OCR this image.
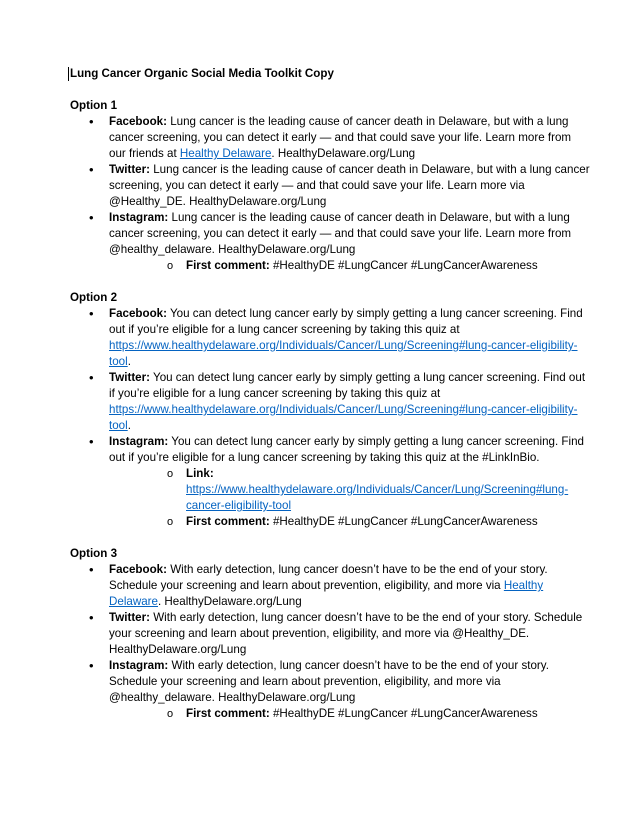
Lung Cancer Organic Social Media Toolkit Copy

Option 1

• Facebook: Lung cancer is the leading cause of cancer death in Delaware, but with a lung cancer screening, you can detect it early — and that could save your life. Learn more from our friends at Healthy Delaware. HealthyDelaware.org/Lung
• Twitter: Lung cancer is the leading cause of cancer death in Delaware, but with a lung cancer screening, you can detect it early — and that could save your life. Learn more via @Healthy_DE. HealthyDelaware.org/Lung
• Instagram: Lung cancer is the leading cause of cancer death in Delaware, but with a lung cancer screening, you can detect it early — and that could save your life. Learn more from @healthy_delaware. HealthyDelaware.org/Lung
o First comment: #HealthyDE #LungCancer #LungCancerAwareness

Option 2

• Facebook: You can detect lung cancer early by simply getting a lung cancer screening. Find out if you’re eligible for a lung cancer screening by taking this quiz at https://www.healthydelaware.org/Individuals/Cancer/Lung/Screening#lung-cancer-eligibility-tool.
• Twitter: You can detect lung cancer early by simply getting a lung cancer screening. Find out if you’re eligible for a lung cancer screening by taking this quiz at https://www.healthydelaware.org/Individuals/Cancer/Lung/Screening#lung-cancer-eligibility-tool.
• Instagram: You can detect lung cancer early by simply getting a lung cancer screening. Find out if you’re eligible for a lung cancer screening by taking this quiz at the #LinkInBio.
o Link:
https://www.healthydelaware.org/Individuals/Cancer/Lung/Screening#lung-cancer-eligibility-tool
o First comment: #HealthyDE #LungCancer #LungCancerAwareness

Option 3

• Facebook: With early detection, lung cancer doesn’t have to be the end of your story. Schedule your screening and learn about prevention, eligibility, and more via Healthy Delaware. HealthyDelaware.org/Lung
• Twitter: With early detection, lung cancer doesn’t have to be the end of your story. Schedule your screening and learn about prevention, eligibility, and more via @Healthy_DE. HealthyDelaware.org/Lung
• Instagram: With early detection, lung cancer doesn’t have to be the end of your story. Schedule your screening and learn about prevention, eligibility, and more via @healthy_delaware. HealthyDelaware.org/Lung
o First comment: #HealthyDE #LungCancer #LungCancerAwareness
